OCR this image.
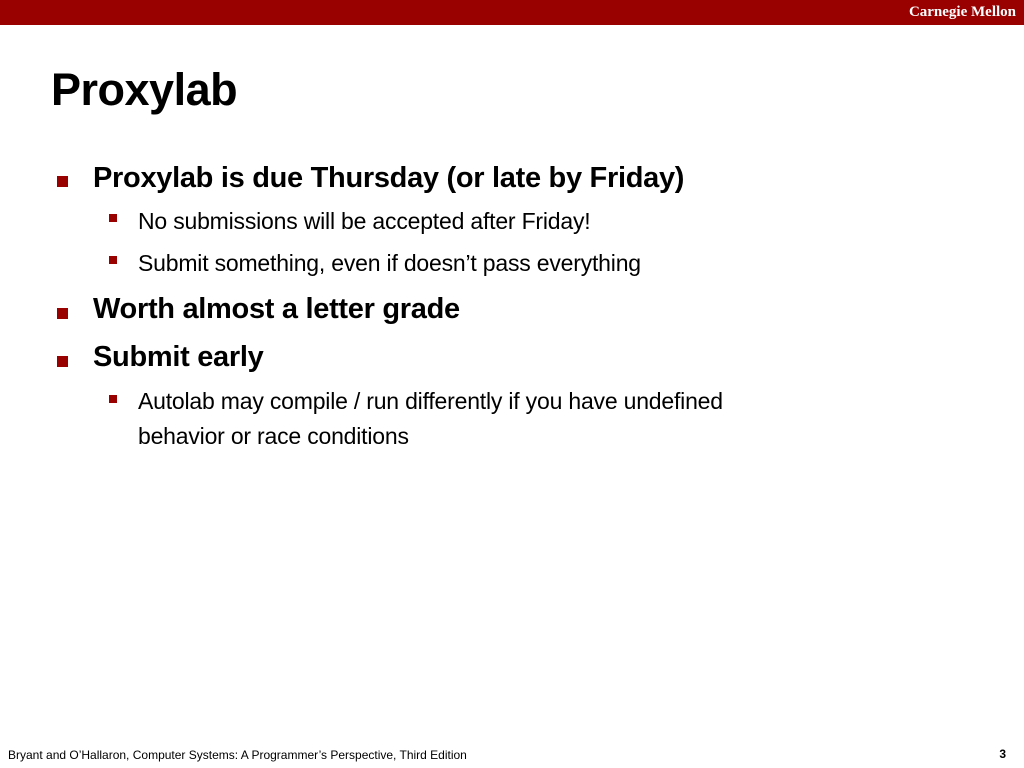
Carnegie Mellon
Proxylab
Proxylab is due Thursday (or late by Friday)
No submissions will be accepted after Friday!
Submit something, even if doesn’t pass everything
Worth almost a letter grade
Submit early
Autolab may compile / run differently if you have undefined
behavior or race conditions
Bryant and O’Hallaron, Computer Systems: A Programmer’s Perspective, Third Edition	3
